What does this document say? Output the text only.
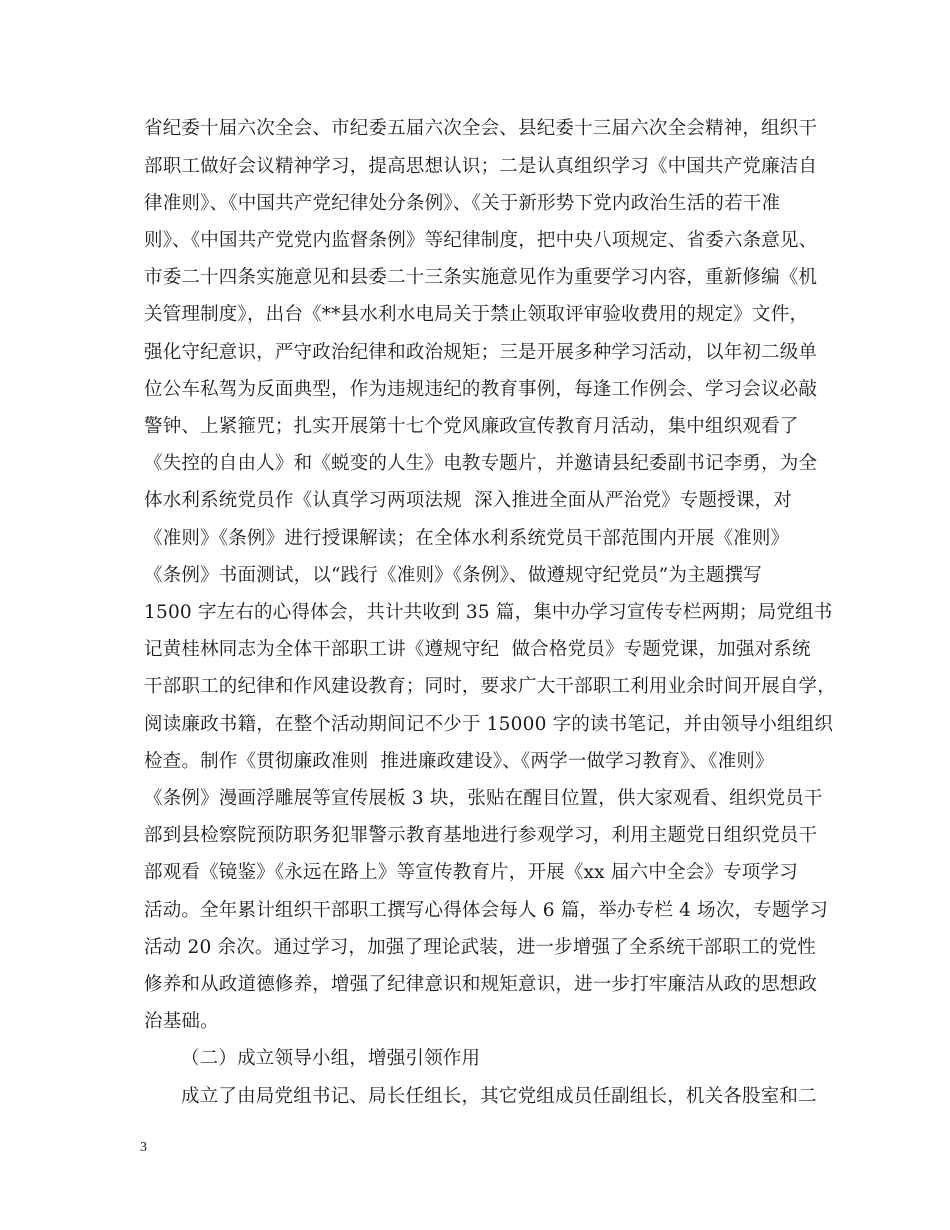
省纪委十届六次全会、市纪委五届六次全会、县纪委十三届六次全会精神，组织干
部职工做好会议精神学习，提高思想认识；二是认真组织学习《中国共产党廉洁自
律准则》、《中国共产党纪律处分条例》、《关于新形势下党内政治生活的若干准
则》、《中国共产党党内监督条例》等纪律制度，把中央八项规定、省委六条意见、
市委二十四条实施意见和县委二十三条实施意见作为重要学习内容，重新修编《机
关管理制度》，出台《**县水利水电局关于禁止领取评审验收费用的规定》文件，
强化守纪意识，严守政治纪律和政治规矩；三是开展多种学习活动，以年初二级单
位公车私驾为反面典型，作为违规违纪的教育事例，每逢工作例会、学习会议必敲
警钟、上紧箍咒；扎实开展第十七个党风廉政宣传教育月活动，集中组织观看了
《失控的自由人》和《蜕变的人生》电教专题片，并邀请县纪委副书记李勇，为全
体水利系统党员作《认真学习两项法规  深入推进全面从严治党》专题授课，对
《准则》《条例》进行授课解读；在全体水利系统党员干部范围内开展《准则》
《条例》书面测试，以“践行《准则》《条例》、做遵规守纪党员”为主题撰写
1500 字左右的心得体会，共计共收到 35 篇，集中办学习宣传专栏两期；局党组书
记黄桂林同志为全体干部职工讲《遵规守纪  做合格党员》专题党课，加强对系统
干部职工的纪律和作风建设教育；同时，要求广大干部职工利用业余时间开展自学，
阅读廉政书籍，在整个活动期间记不少于 15000 字的读书笔记，并由领导小组组织
检查。制作《贯彻廉政准则  推进廉政建设》、《两学一做学习教育》、《准则》
《条例》漫画浮雕展等宣传展板 3 块，张贴在醒目位置，供大家观看、组织党员干
部到县检察院预防职务犯罪警示教育基地进行参观学习，利用主题党日组织党员干
部观看《镜鉴》《永远在路上》等宣传教育片，开展《xx 届六中全会》专项学习
活动。全年累计组织干部职工撰写心得体会每人 6 篇，举办专栏 4 场次，专题学习
活动 20 余次。通过学习，加强了理论武装，进一步增强了全系统干部职工的党性
修养和从政道德修养，增强了纪律意识和规矩意识，进一步打牢廉洁从政的思想政
治基础。
（二）成立领导小组，增强引领作用
成立了由局党组书记、局长任组长，其它党组成员任副组长，机关各股室和二
3
